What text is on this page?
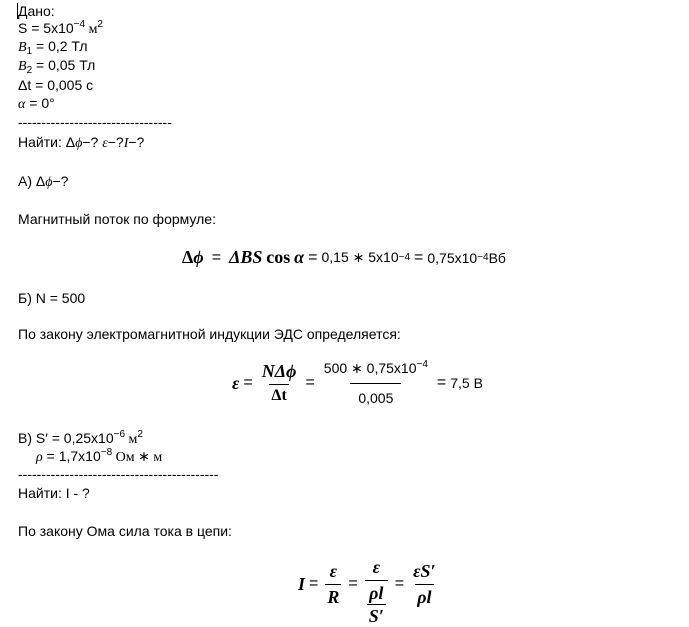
Дано:
$S = 5x10^{-4}$ $м^2$
$B_1 = 0,2$ Тл
$B_2 = 0,05$ Тл
Δt = 0,005 с
α = 0°
---------------------------------
Найти: Δϕ−? ε−?I−?
А) Δϕ−?
Магнитный поток по формуле:
Δ ϕ = Δ BS
cos
α = 0,15 ∗ 5x10 −4 = 0,75x10 −4 Вб
Б) N = 500
По закону электромагнитной индукции ЭДС определяется:
$\varepsilon = \frac{\text{NΔϕ}}{\Delta t} = \frac{500 ∗ 0,75x10^{-4}}{0,005} = 7,5$ В
В) $S' = 0,25x10^{-6}$ $м^2$
$\rho = 1,7x10^{-8}$ Ом ∗ м
-------------------------------------------
Найти: I - ?
По закону Ома сила тока в цепи:
$I = \frac{\varepsilon}{R} = \frac{\varepsilon}{\frac{\rho l}{S'}} = \frac{\varepsilon S'}{\rho l}$
